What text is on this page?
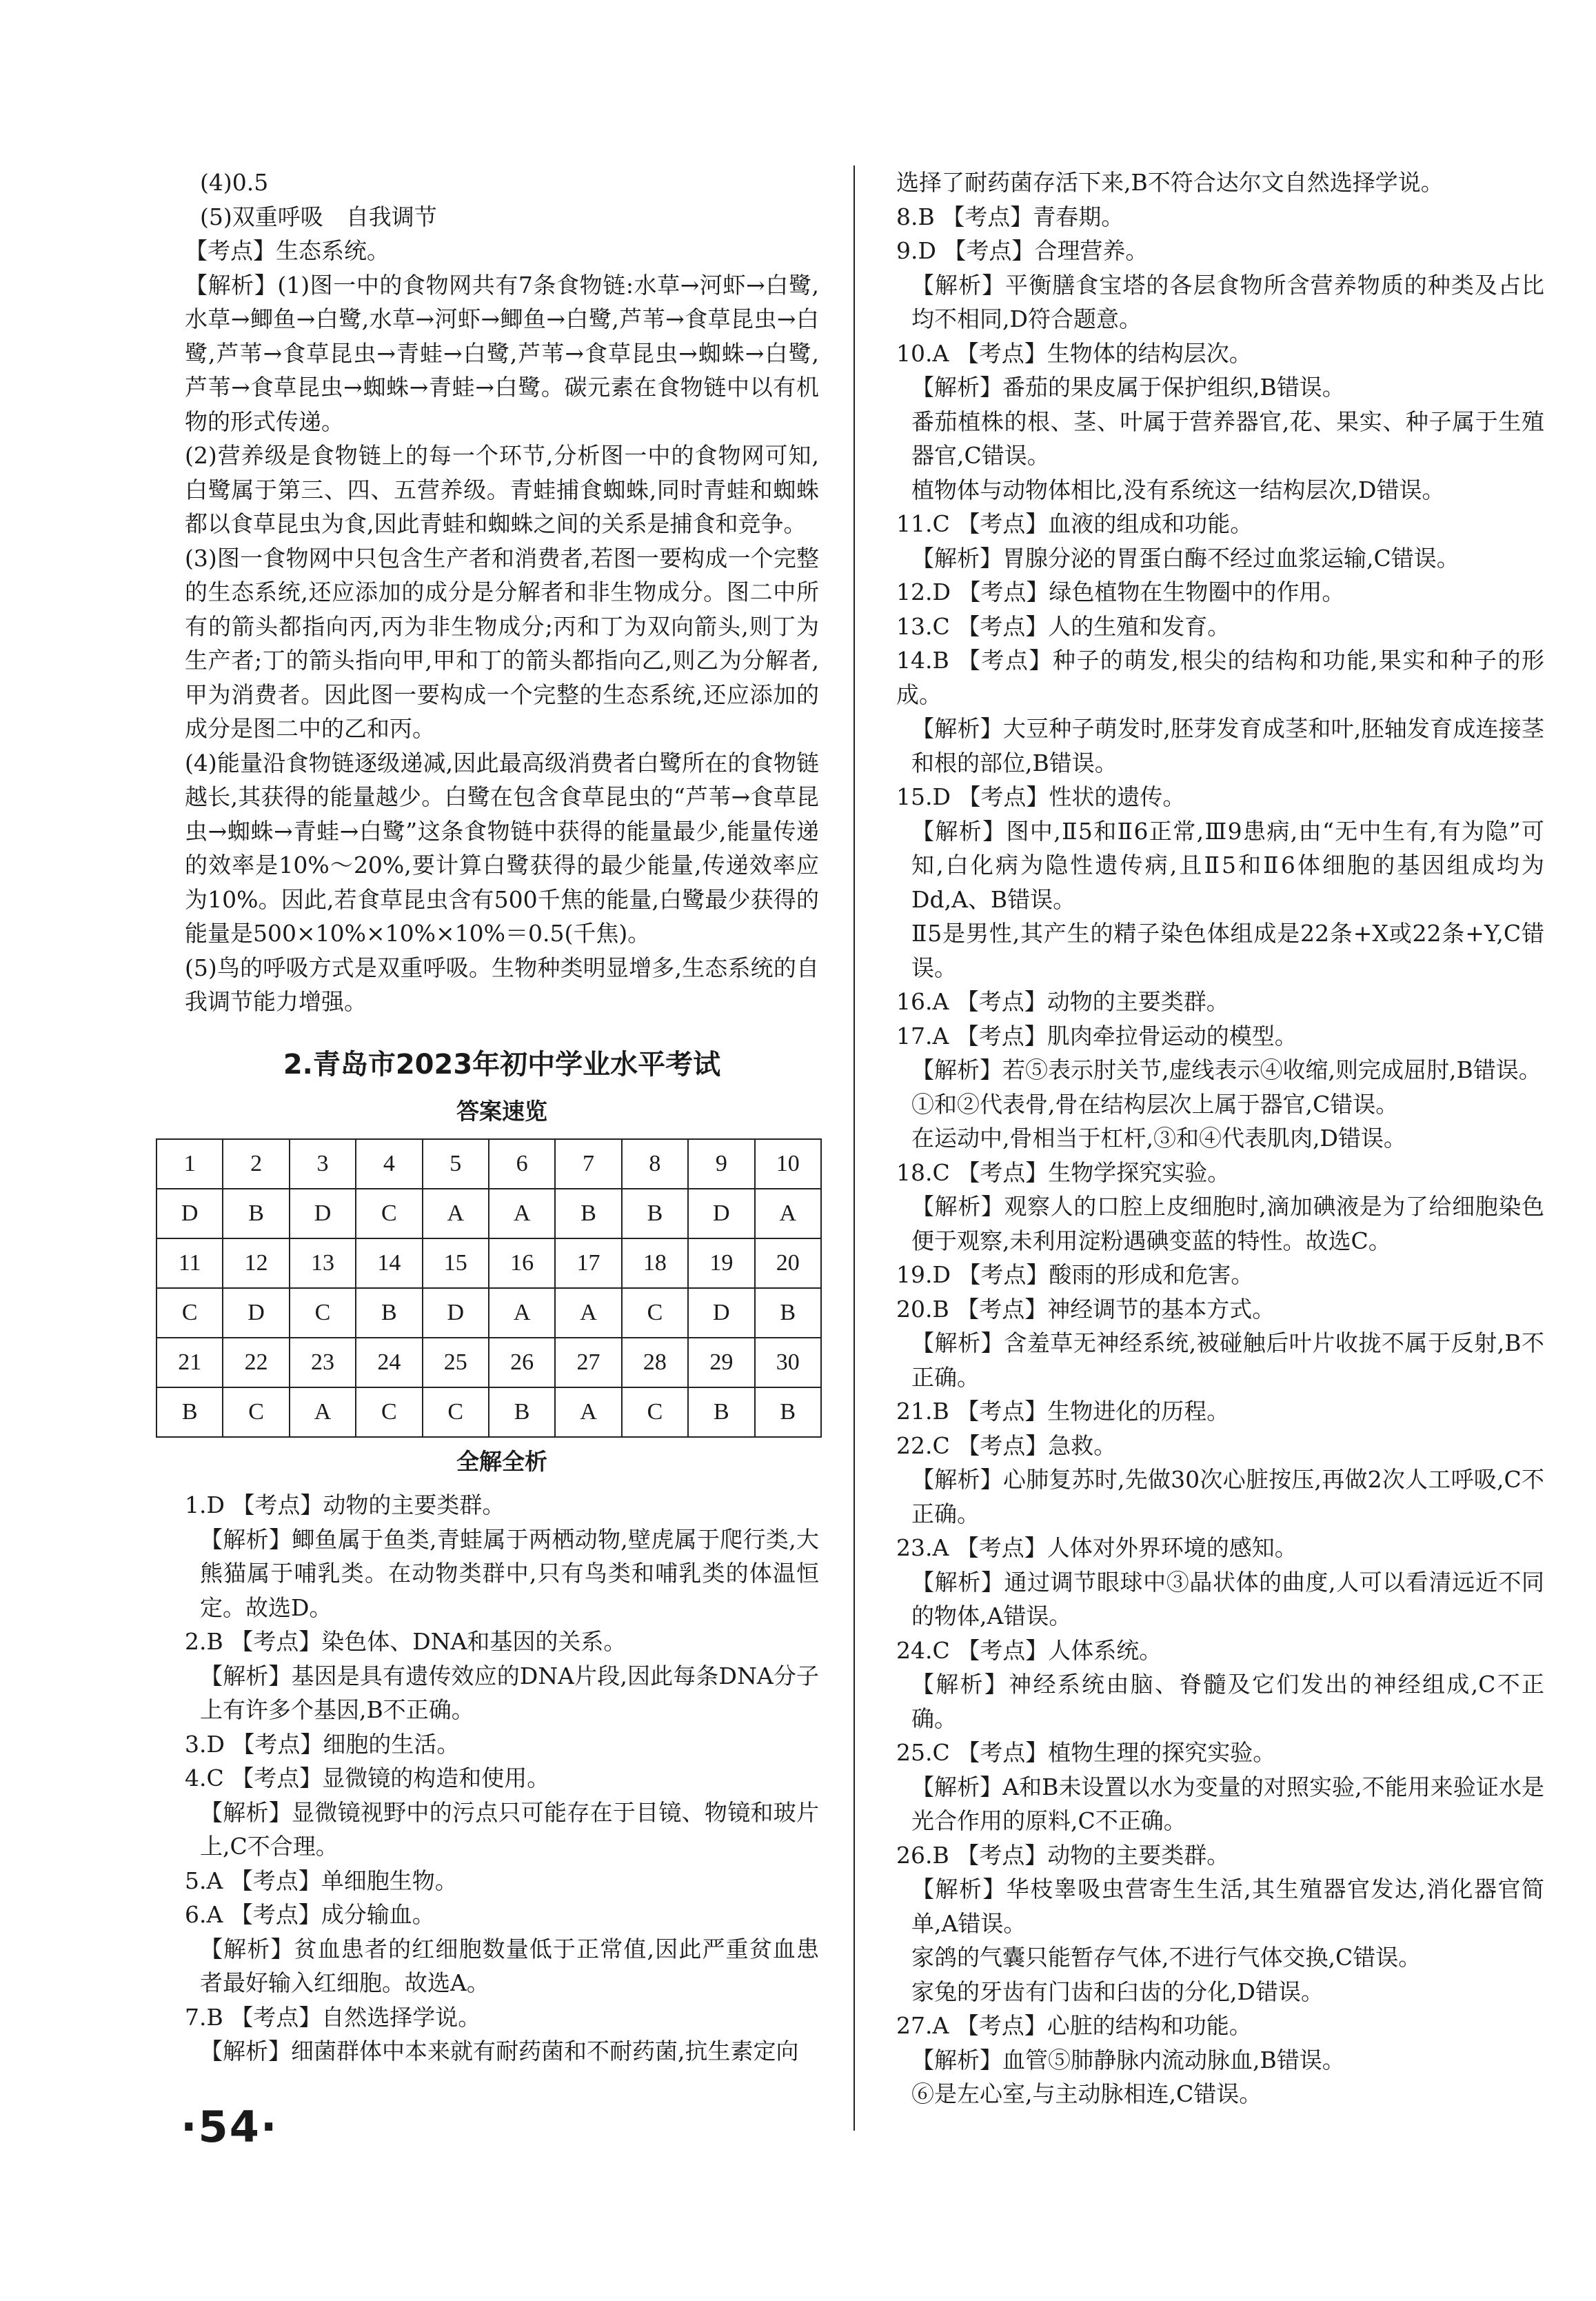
(4)0.5

(5)双重呼吸　自我调节

【考点】生态系统。

【解析】(1)图一中的食物网共有7条食物链:水草→河虾→白鹭,水草→鲫鱼→白鹭,水草→河虾→鲫鱼→白鹭,芦苇→食草昆虫→白鹭,芦苇→食草昆虫→青蛙→白鹭,芦苇→食草昆虫→蜘蛛→白鹭,芦苇→食草昆虫→蜘蛛→青蛙→白鹭。碳元素在食物链中以有机物的形式传递。

(2)营养级是食物链上的每一个环节,分析图一中的食物网可知,白鹭属于第三、四、五营养级。青蛙捕食蜘蛛,同时青蛙和蜘蛛都以食草昆虫为食,因此青蛙和蜘蛛之间的关系是捕食和竞争。

(3)图一食物网中只包含生产者和消费者,若图一要构成一个完整的生态系统,还应添加的成分是分解者和非生物成分。图二中所有的箭头都指向丙,丙为非生物成分;丙和丁为双向箭头,则丁为生产者;丁的箭头指向甲,甲和丁的箭头都指向乙,则乙为分解者,甲为消费者。因此图一要构成一个完整的生态系统,还应添加的成分是图二中的乙和丙。

(4)能量沿食物链逐级递减,因此最高级消费者白鹭所在的食物链越长,其获得的能量越少。白鹭在包含食草昆虫的“芦苇→食草昆虫→蜘蛛→青蛙→白鹭”这条食物链中获得的能量最少,能量传递的效率是10%～20%,要计算白鹭获得的最少能量,传递效率应为10%。因此,若食草昆虫含有500千焦的能量,白鹭最少获得的能量是500×10%×10%×10%＝0.5(千焦)。

(5)鸟的呼吸方式是双重呼吸。生物种类明显增多,生态系统的自我调节能力增强。

2.青岛市2023年初中学业水平考试
答案速览
1	2	3	4	5	6	7	8	9	10
D	B	D	C	A	A	B	B	D	A
11	12	13	14	15	16	17	18	19	20
C	D	C	B	D	A	A	C	D	B
21	22	23	24	25	26	27	28	29	30
B	C	A	C	C	B	A	C	B	B
全解全析

1.D 【考点】动物的主要类群。

【解析】鲫鱼属于鱼类,青蛙属于两栖动物,壁虎属于爬行类,大熊猫属于哺乳类。在动物类群中,只有鸟类和哺乳类的体温恒定。故选D。

2.B 【考点】染色体、DNA和基因的关系。

【解析】基因是具有遗传效应的DNA片段,因此每条DNA分子上有许多个基因,B不正确。

3.D 【考点】细胞的生活。

4.C 【考点】显微镜的构造和使用。

【解析】显微镜视野中的污点只可能存在于目镜、物镜和玻片上,C不合理。

5.A 【考点】单细胞生物。

6.A 【考点】成分输血。

【解析】贫血患者的红细胞数量低于正常值,因此严重贫血患者最好输入红细胞。故选A。

7.B 【考点】自然选择学说。

【解析】细菌群体中本来就有耐药菌和不耐药菌,抗生素定向

选择了耐药菌存活下来,B不符合达尔文自然选择学说。

8.B 【考点】青春期。

9.D 【考点】合理营养。

【解析】平衡膳食宝塔的各层食物所含营养物质的种类及占比均不相同,D符合题意。

10.A 【考点】生物体的结构层次。

【解析】番茄的果皮属于保护组织,B错误。

番茄植株的根、茎、叶属于营养器官,花、果实、种子属于生殖器官,C错误。

植物体与动物体相比,没有系统这一结构层次,D错误。

11.C 【考点】血液的组成和功能。

【解析】胃腺分泌的胃蛋白酶不经过血浆运输,C错误。

12.D 【考点】绿色植物在生物圈中的作用。

13.C 【考点】人的生殖和发育。

14.B 【考点】种子的萌发,根尖的结构和功能,果实和种子的形成。

【解析】大豆种子萌发时,胚芽发育成茎和叶,胚轴发育成连接茎和根的部位,B错误。

15.D 【考点】性状的遗传。

【解析】图中,Ⅱ5和Ⅱ6正常,Ⅲ9患病,由“无中生有,有为隐”可知,白化病为隐性遗传病,且Ⅱ5和Ⅱ6体细胞的基因组成均为Dd,A、B错误。

Ⅱ5是男性,其产生的精子染色体组成是22条+X或22条+Y,C错误。

16.A 【考点】动物的主要类群。

17.A 【考点】肌肉牵拉骨运动的模型。

【解析】若⑤表示肘关节,虚线表示④收缩,则完成屈肘,B错误。

①和②代表骨,骨在结构层次上属于器官,C错误。

在运动中,骨相当于杠杆,③和④代表肌肉,D错误。

18.C 【考点】生物学探究实验。

【解析】观察人的口腔上皮细胞时,滴加碘液是为了给细胞染色便于观察,未利用淀粉遇碘变蓝的特性。故选C。

19.D 【考点】酸雨的形成和危害。

20.B 【考点】神经调节的基本方式。

【解析】含羞草无神经系统,被碰触后叶片收拢不属于反射,B不正确。

21.B 【考点】生物进化的历程。

22.C 【考点】急救。

【解析】心肺复苏时,先做30次心脏按压,再做2次人工呼吸,C不正确。

23.A 【考点】人体对外界环境的感知。

【解析】通过调节眼球中③晶状体的曲度,人可以看清远近不同的物体,A错误。

24.C 【考点】人体系统。

【解析】神经系统由脑、脊髓及它们发出的神经组成,C不正确。

25.C 【考点】植物生理的探究实验。

【解析】A和B未设置以水为变量的对照实验,不能用来验证水是光合作用的原料,C不正确。

26.B 【考点】动物的主要类群。

【解析】华枝睾吸虫营寄生生活,其生殖器官发达,消化器官简单,A错误。

家鸽的气囊只能暂存气体,不进行气体交换,C错误。

家兔的牙齿有门齿和臼齿的分化,D错误。

27.A 【考点】心脏的结构和功能。

【解析】血管⑤肺静脉内流动脉血,B错误。

⑥是左心室,与主动脉相连,C错误。

·54·
